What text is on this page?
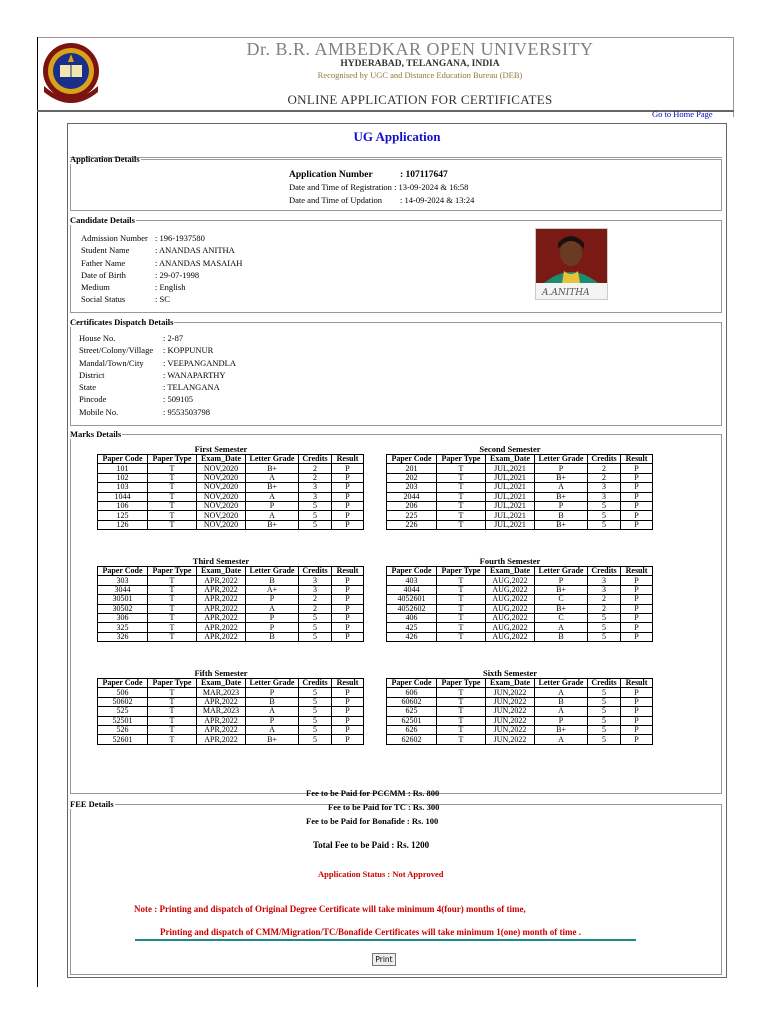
Dr. B.R. AMBEDKAR OPEN UNIVERSITY
HYDERABAD, TELANGANA, INDIA
Recognised by UGC and Distance Education Bureau (DEB)
ONLINE APPLICATION FOR CERTIFICATES
Go to Home Page
UG Application
Application Details
Application Number	: 107117647
Date and Time of Registration : 13-09-2024 & 16:58
Date and Time of Updation : 14-09-2024 & 13:24
Candidate Details
A.ANITHA
Admission Number : 196-1937580
Student Name	: ANANDAS ANITHA
Father Name	: ANANDAS MASAIAH
Date of Birth	: 29-07-1998
Medium	: English
Social Status	: SC
Certificates Dispatch Details
House No.	: 2-87
Street/Colony/Village : KOPPUNUR
Mandal/Town/City : VEEPANGANDLA
District	: WANAPARTHY
State	: TELANGANA
Pincode	: 509105
Mobile No.	: 9553503798
Marks Details
First Semester
Paper Code	Paper Type	Exam_Date	Letter Grade	Credits	Result
101	T	NOV,2020	B+	2	P
102	T	NOV,2020	A	2	P
103	T	NOV,2020	B+	3	P
1044	T	NOV,2020	A	3	P
106	T	NOV,2020	P	5	P
125	T	NOV,2020	A	5	P
126	T	NOV,2020	B+	5	P
Second Semester
Paper Code	Paper Type	Exam_Date	Letter Grade	Credits	Result
201	T	JUL,2021	P	2	P
202	T	JUL,2021	B+	2	P
203	T	JUL,2021	A	3	P
2044	T	JUL,2021	B+	3	P
206	T	JUL,2021	P	5	P
225	T	JUL,2021	B	5	P
226	T	JUL,2021	B+	5	P
Third Semester
Paper Code	Paper Type	Exam_Date	Letter Grade	Credits	Result
303	T	APR,2022	B	3	P
3044	T	APR,2022	A+	3	P
30501	T	APR,2022	P	2	P
30502	T	APR,2022	A	2	P
306	T	APR,2022	P	5	P
325	T	APR,2022	P	5	P
326	T	APR,2022	B	5	P
Fourth Semester
Paper Code	Paper Type	Exam_Date	Letter Grade	Credits	Result
403	T	AUG,2022	P	3	P
4044	T	AUG,2022	B+	3	P
4052601	T	AUG,2022	C	2	P
4052602	T	AUG,2022	B+	2	P
406	T	AUG,2022	C	5	P
425	T	AUG,2022	A	5	P
426	T	AUG,2022	B	5	P
Fifth Semester
Paper Code	Paper Type	Exam_Date	Letter Grade	Credits	Result
506	T	MAR,2023	P	5	P
50602	T	APR,2022	B	5	P
525	T	MAR,2023	A	5	P
52501	T	APR,2022	P	5	P
526	T	APR,2022	A	5	P
52601	T	APR,2022	B+	5	P
Sixth Semester
Paper Code	Paper Type	Exam_Date	Letter Grade	Credits	Result
606	T	JUN,2022	A	5	P
60602	T	JUN,2022	B	5	P
625	T	JUN,2022	A	5	P
62501	T	JUN,2022	P	5	P
626	T	JUN,2022	B+	5	P
62602	T	JUN,2022	A	5	P
FEE Details
Fee to be Paid for PCCMM : Rs. 800
Fee to be Paid for TC : Rs. 300
Fee to be Paid for Bonafide : Rs. 100
Total Fee to be Paid : Rs. 1200
Application Status : Not Approved
Note : Printing and dispatch of Original Degree Certificate will take minimum 4(four) months of time,
Printing and dispatch of CMM/Migration/TC/Bonafide Certificates will take minimum 1(one) month of time .
Print
